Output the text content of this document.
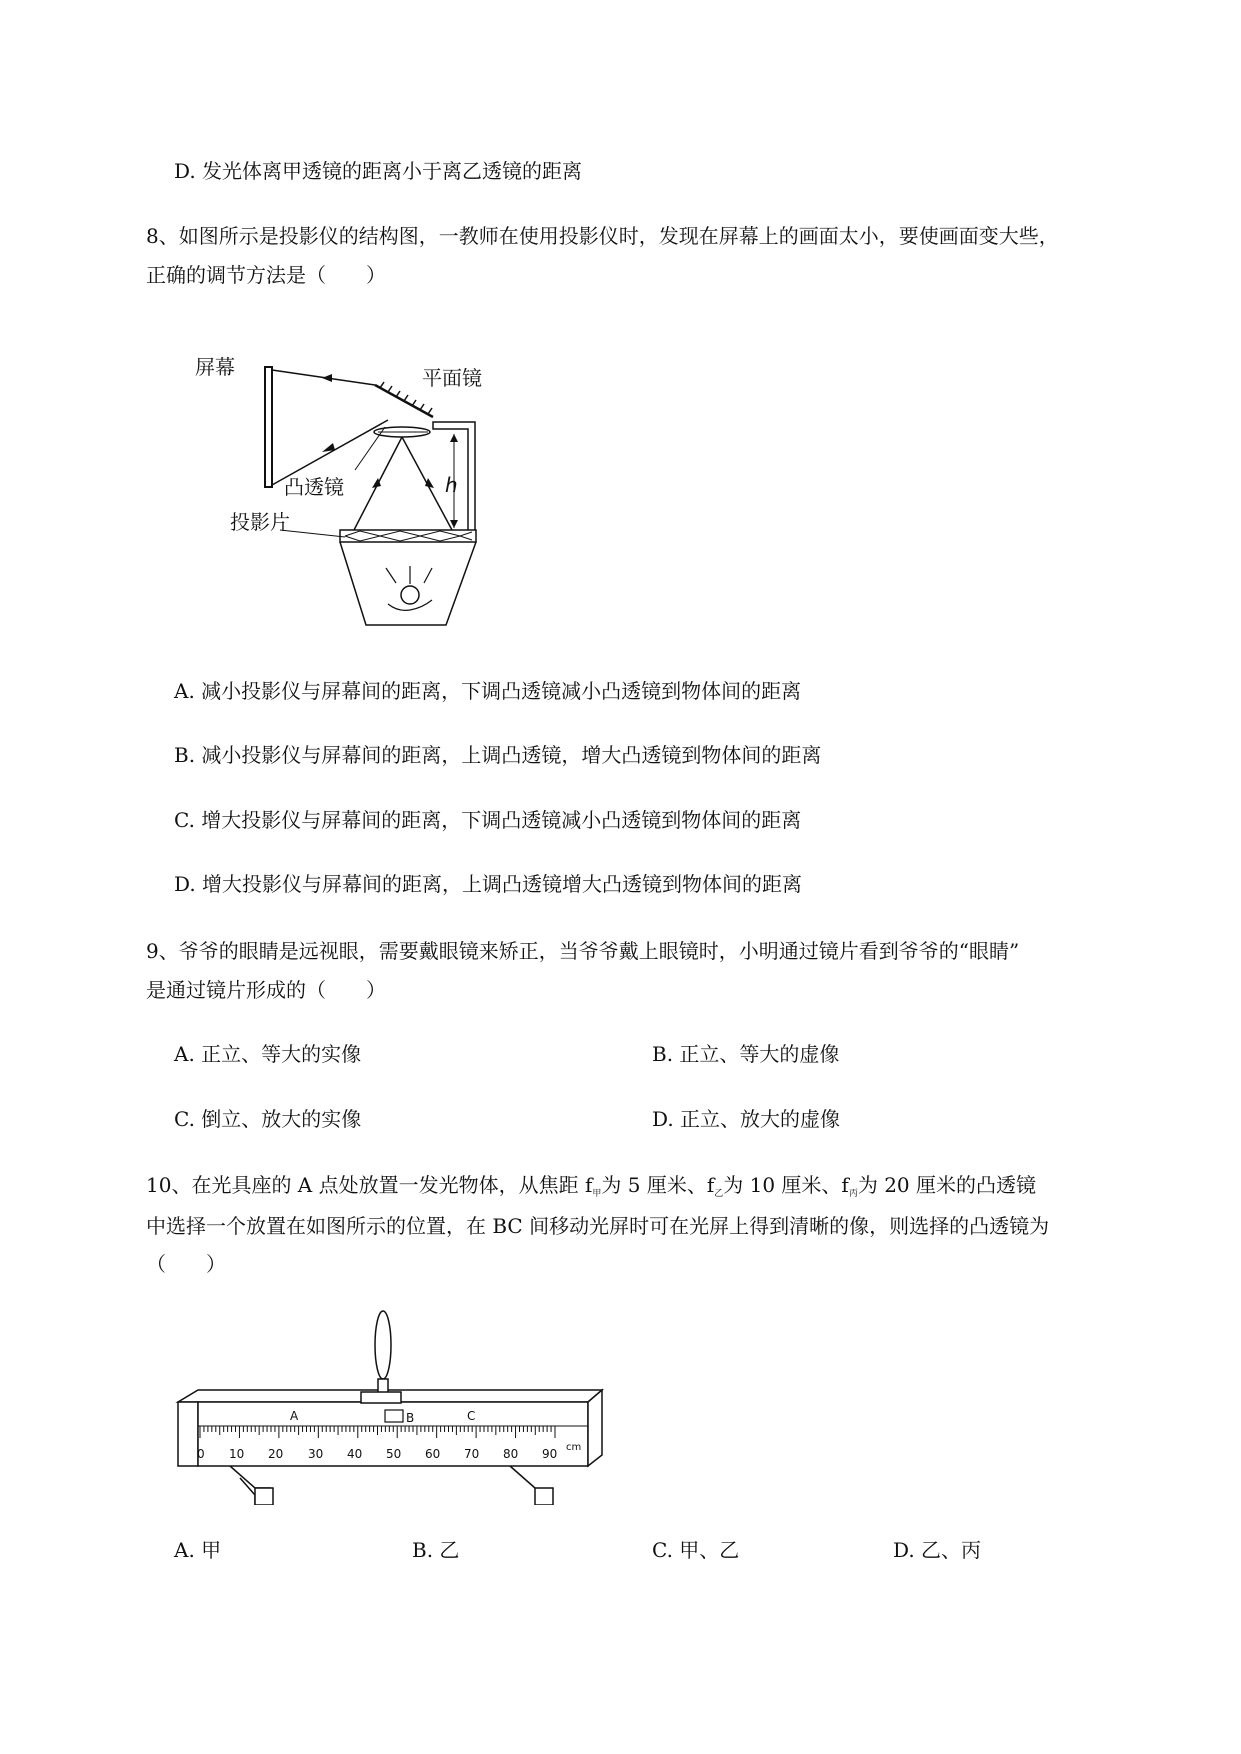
D. 发光体离甲透镜的距离小于离乙透镜的距离
8、如图所示是投影仪的结构图，一教师在使用投影仪时，发现在屏幕上的画面太小，要使画面变大些，
正确的调节方法是（　　）
h
屏幕	平面镜
凸透镜
投影片
A. 减小投影仪与屏幕间的距离，下调凸透镜减小凸透镜到物体间的距离
B. 减小投影仪与屏幕间的距离，上调凸透镜，增大凸透镜到物体间的距离
C. 增大投影仪与屏幕间的距离，下调凸透镜减小凸透镜到物体间的距离
D. 增大投影仪与屏幕间的距离，上调凸透镜增大凸透镜到物体间的距离
9、爷爷的眼睛是远视眼，需要戴眼镜来矫正，当爷爷戴上眼镜时，小明通过镜片看到爷爷的“眼睛”
是通过镜片形成的（　　）
A. 正立、等大的实像	B. 正立、等大的虚像
C. 倒立、放大的实像	D. 正立、放大的虚像
10、在光具座的 A 点处放置一发光物体，从焦距 $f_甲$为 5 厘米、$f_乙$为 10 厘米、$f_丙$为 20 厘米的凸透镜
中选择一个放置在如图所示的位置，在 BC 间移动光屏时可在光屏上得到清晰的像，则选择的凸透镜为
（　　）
A	B	C
0 10 20 30 40 50 60 70 80 90 cm
A. 甲	B. 乙	C. 甲、乙	D. 乙、丙
